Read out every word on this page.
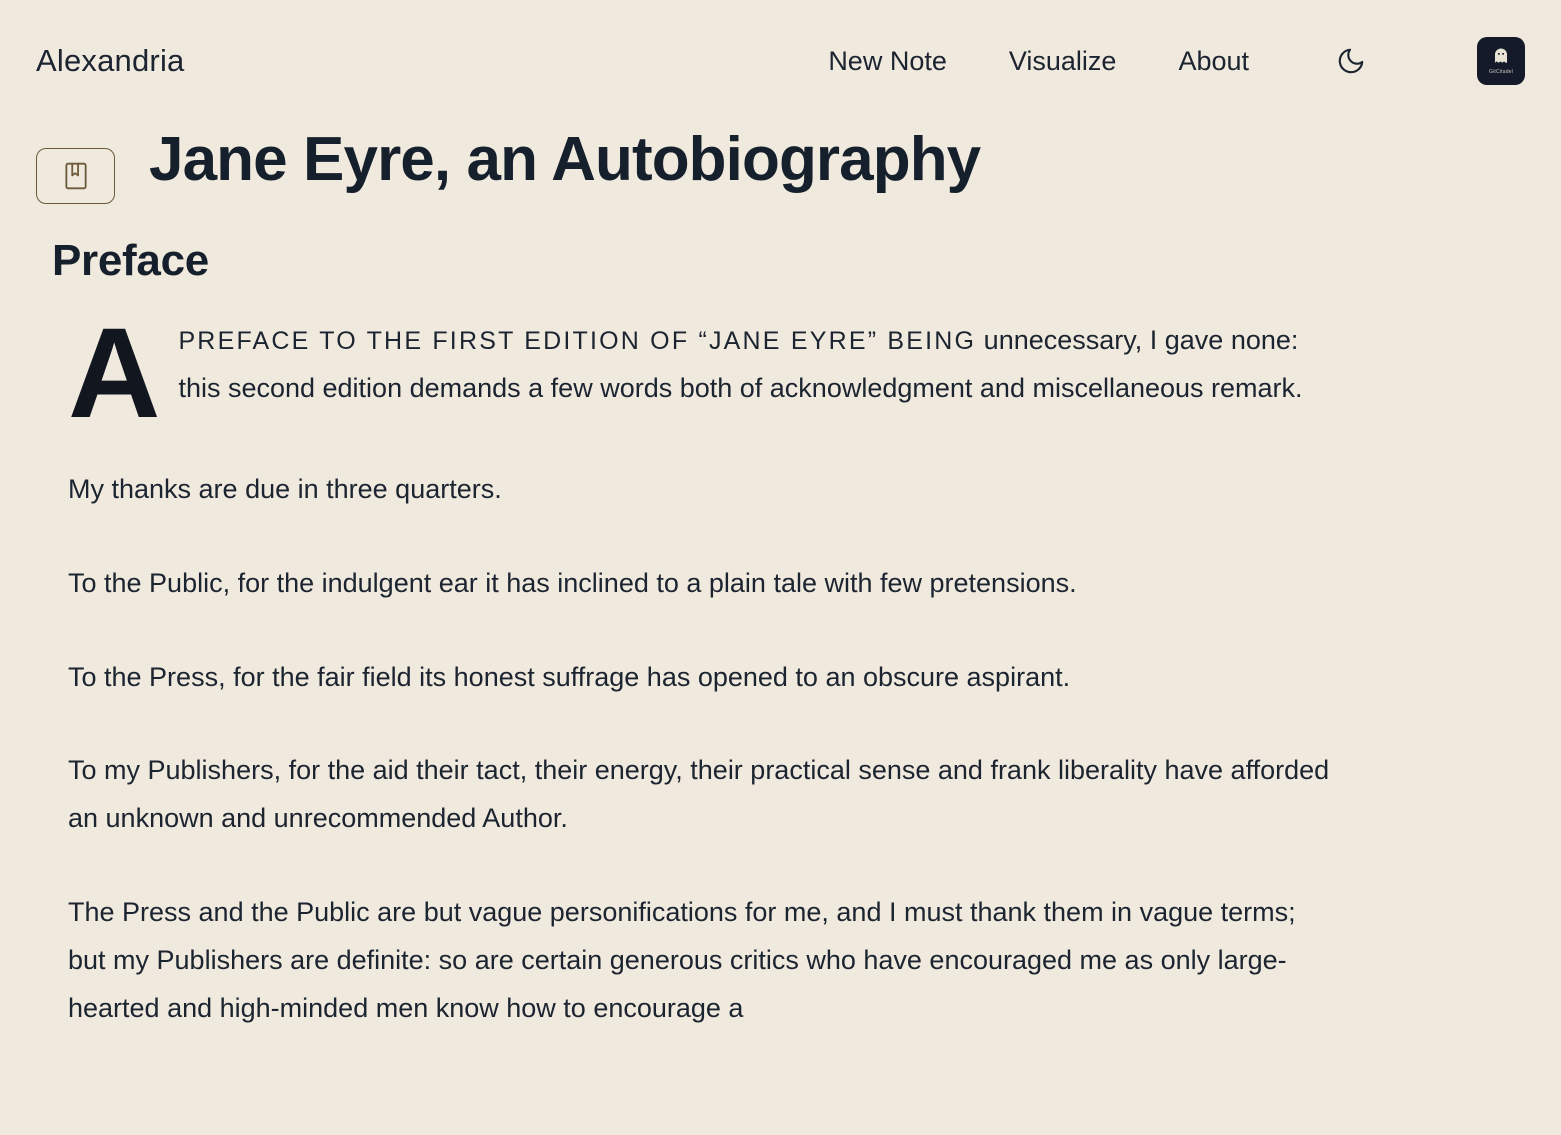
Alexandria	New Note Visualize About	GitCitadel
Jane Eyre, an Autobiography
Preface

APREFACE TO THE FIRST EDITION OF “JANE EYRE” BEING unnecessary, I gave none: this second edition demands a few words both of acknowledgment and miscellaneous remark.

My thanks are due in three quarters.

To the Public, for the indulgent ear it has inclined to a plain tale with few pretensions.

To the Press, for the fair field its honest suffrage has opened to an obscure aspirant.

To my Publishers, for the aid their tact, their energy, their practical sense and frank liberality have afforded an unknown and unrecommended Author.

The Press and the Public are but vague personifications for me, and I must thank them in vague terms; but my Publishers are definite: so are certain generous critics who have encouraged me as only large-hearted and high-minded men know how to encourage a
